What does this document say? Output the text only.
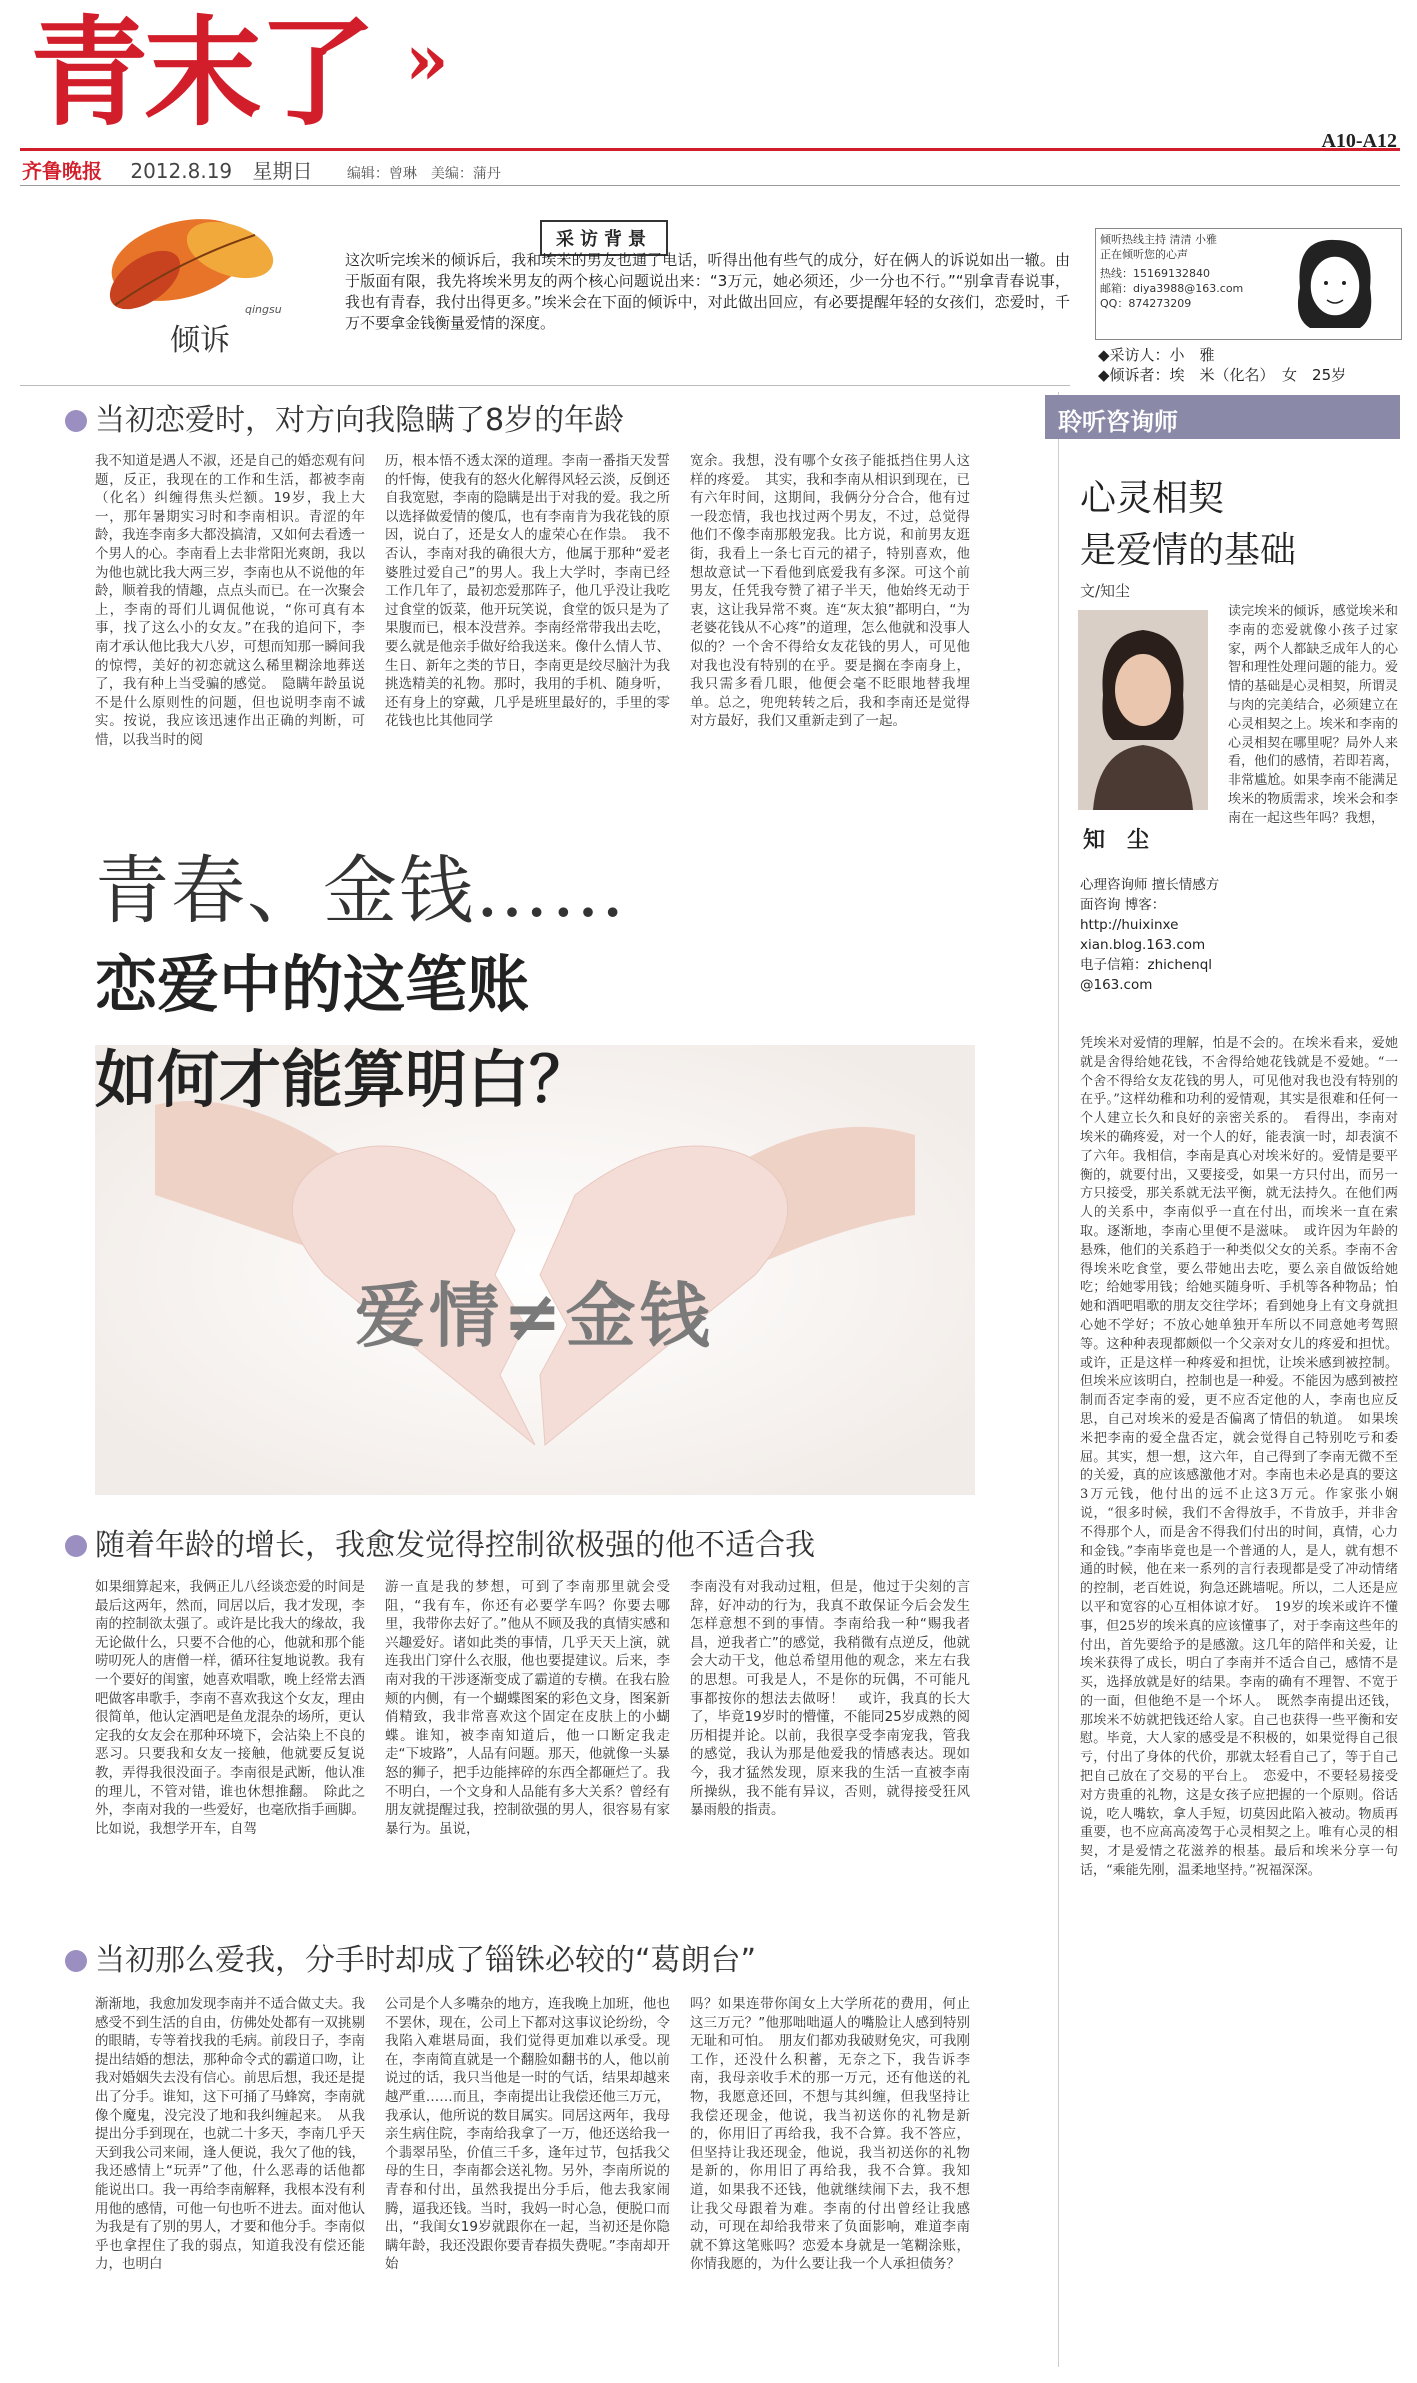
青末了 »
齐鲁晚报 2012.8.19 星期日 编辑：曾琳　美编：蒲丹
A10-A12
倾诉
qingsu
采访背景
这次听完埃米的倾诉后，我和埃米的男友也通了电话，听得出他有些气的成分，好在俩人的诉说如出一辙。由于版面有限，我先将埃米男友的两个核心问题说出来：“3万元，她必须还，少一分也不行。”“别拿青春说事，我也有青春，我付出得更多。”埃米会在下面的倾诉中，对此做出回应，有必要提醒年轻的女孩们，恋爱时，千万不要拿金钱衡量爱情的深度。
倾听热线主持 清清 小雅
正在倾听您的心声
热线：15169132840
邮箱：diya3988@163.com
QQ：874273209
◆采访人：小　雅
◆倾诉者：埃　米（化名）　女　25岁
当初恋爱时，对方向我隐瞒了8岁的年龄
我不知道是遇人不淑，还是自己的婚恋观有问题，反正，我现在的工作和生活，都被李南（化名）纠缠得焦头烂额。19岁，我上大一，那年暑期实习时和李南相识。青涩的年龄，我连李南多大都没搞清，又如何去看透一个男人的心。李南看上去非常阳光爽朗，我以为他也就比我大两三岁，李南也从不说他的年龄，顺着我的情趣，点点头而已。在一次聚会上，李南的哥们儿调侃他说，“你可真有本事，找了这么小的女友。”在我的追问下，李南才承认他比我大八岁，可想而知那一瞬间我的惊愕，美好的初恋就这么稀里糊涂地葬送了，我有种上当受骗的感觉。　隐瞒年龄虽说不是什么原则性的问题，但也说明李南不诚实。按说，我应该迅速作出正确的判断，可惜，以我当时的阅
历，根本悟不透太深的道理。李南一番指天发誓的忏悔，使我有的怒火化解得风轻云淡，反倒还自我宽慰，李南的隐瞒是出于对我的爱。我之所以选择做爱情的傻瓜，也有李南肯为我花钱的原因，说白了，还是女人的虚荣心在作祟。　我不否认，李南对我的确很大方，他属于那种“爱老婆胜过爱自己”的男人。我上大学时，李南已经工作几年了，最初恋爱那阵子，他几乎没让我吃过食堂的饭菜，他开玩笑说，食堂的饭只是为了果腹而已，根本没营养。李南经常带我出去吃，要么就是他亲手做好给我送来。像什么情人节、生日、新年之类的节日，李南更是绞尽脑汁为我挑选精美的礼物。那时，我用的手机、随身听，还有身上的穿戴，几乎是班里最好的，手里的零花钱也比其他同学
宽余。我想，没有哪个女孩子能抵挡住男人这样的疼爱。　其实，我和李南从相识到现在，已有六年时间，这期间，我俩分分合合，他有过一段恋情，我也找过两个男友，不过，总觉得他们不像李南那般宠我。比方说，和前男友逛街，我看上一条七百元的裙子，特别喜欢，他想故意试一下看他到底爱我有多深。可这个前男友，任凭我夸赞了裙子半天，他始终无动于衷，这让我异常不爽。连“灰太狼”都明白，“为老婆花钱从不心疼”的道理，怎么他就和没事人似的？一个舍不得给女友花钱的男人，可见他对我也没有特别的在乎。要是搁在李南身上，我只需多看几眼，他便会毫不眨眼地替我埋单。总之，兜兜转转之后，我和李南还是觉得对方最好，我们又重新走到了一起。
青春、金钱……
恋爱中的这笔账
如何才能算明白？
爱情≠金钱
随着年龄的增长，我愈发觉得控制欲极强的他不适合我
如果细算起来，我俩正儿八经谈恋爱的时间是最后这两年，然而，同居以后，我才发现，李南的控制欲太强了。或许是比我大的缘故，我无论做什么，只要不合他的心，他就和那个能唠叨死人的唐僧一样，循环往复地说教。我有一个要好的闺蜜，她喜欢唱歌，晚上经常去酒吧做客串歌手，李南不喜欢我这个女友，理由很简单，他认定酒吧是鱼龙混杂的场所，更认定我的女友会在那种环境下，会沾染上不良的恶习。只要我和女友一接触，他就要反复说教，弄得我很没面子。李南很是武断，他认准的理儿，不管对错，谁也休想推翻。　除此之外，李南对我的一些爱好，也毫欣指手画脚。比如说，我想学开车，自驾
游一直是我的梦想，可到了李南那里就会受阻，“我有车，你还有必要学车吗？你要去哪里，我带你去好了。”他从不顾及我的真情实感和兴趣爱好。诸如此类的事情，几乎天天上演，就连我出门穿什么衣服，他也要提建议。后来，李南对我的干涉逐渐变成了霸道的专横。在我右脸颊的内侧，有一个蝴蝶图案的彩色文身，图案新俏精致，我非常喜欢这个固定在皮肤上的小蝴蝶。谁知，被李南知道后，他一口断定我走走“下坡路”，人品有问题。那天，他就像一头暴怒的狮子，把手边能摔碎的东西全都砸烂了。我不明白，一个文身和人品能有多大关系？曾经有朋友就提醒过我，控制欲强的男人，很容易有家暴行为。虽说，
李南没有对我动过粗，但是，他过于尖刻的言辞，好冲动的行为，我真不敢保证今后会发生怎样意想不到的事情。李南给我一种“赐我者昌，逆我者亡”的感觉，我稍微有点逆反，他就会大动干戈，他总希望用他的观念，来左右我的思想。可我是人，不是你的玩偶，不可能凡事都按你的想法去做呀！　或许，我真的长大了，毕竟19岁时的懵懂，不能同25岁成熟的阅历相提并论。以前，我很享受李南宠我，管我的感觉，我认为那是他爱我的情感表达。现如今，我才猛然发现，原来我的生活一直被李南所操纵，我不能有异议，否则，就得接受狂风暴雨般的指责。
当初那么爱我，分手时却成了锱铢必较的“葛朗台”
渐渐地，我愈加发现李南并不适合做丈夫。我感受不到生活的自由，仿佛处处都有一双挑剔的眼睛，专等着找我的毛病。前段日子，李南提出结婚的想法，那种命令式的霸道口吻，让我对婚姻失去没有信心。前思后想，我还是提出了分手。谁知，这下可捅了马蜂窝，李南就像个魔鬼，没完没了地和我纠缠起来。　从我提出分手到现在，也就二十多天，李南几乎天天到我公司来闹，逢人便说，我欠了他的钱，我还感情上“玩弄”了他，什么恶毒的话他都能说出口。我一再给李南解释，我根本没有利用他的感情，可他一句也听不进去。面对他认为我是有了别的男人，才要和他分手。李南似乎也拿捏住了我的弱点，知道我没有偿还能力，也明白
公司是个人多嘴杂的地方，连我晚上加班，他也不罢休，现在，公司上下都对这事议论纷纷，令我陷入难堪局面，我们觉得更加难以承受。现在，李南简直就是一个翻脸如翻书的人，他以前说过的话，我只当他是一时的气话，结果却越来越严重……而且，李南提出让我偿还他三万元，我承认，他所说的数目属实。同居这两年，我母亲生病住院，李南给我拿了一万，他还送给我一个翡翠吊坠，价值三千多，逢年过节，包括我父母的生日，李南都会送礼物。另外，李南所说的青春和付出，虽然我提出分手后，他去我家闹腾，逼我还钱。当时，我妈一时心急，便脱口而出，“我闺女19岁就跟你在一起，当初还是你隐瞒年龄，我还没跟你要青春损失费呢。”李南却开始
吗？如果连带你闺女上大学所花的费用，何止这三万元？”他那咄咄逼人的嘴脸让人感到特别无耻和可怕。　朋友们都劝我破财免灾，可我刚工作，还没什么积蓄，无奈之下，我告诉李南，我母亲收手术的那一万元，还有他送的礼物，我愿意还回，不想与其纠缠，但我坚持让我偿还现金，他说，我当初送你的礼物是新的，你用旧了再给我，我不合算。我不答应，但坚持让我还现金，他说，我当初送你的礼物是新的，你用旧了再给我，我不合算。我知道，如果我不还钱，他就继续闹下去，我不想让我父母跟着为难。李南的付出曾经让我感动，可现在却给我带来了负面影响，难道李南就不算这笔账吗？恋爱本身就是一笔糊涂账，你情我愿的，为什么要让我一个人承担债务？
聆听咨询师
心灵相契
是爱情的基础
文/知尘
知　尘
心理咨询师 擅长情感方面咨询 博客：http://huixinxe xian.blog.163.com 电子信箱：zhichenql @163.com
读完埃米的倾诉，感觉埃米和李南的恋爱就像小孩子过家家，两个人都缺乏成年人的心智和理性处理问题的能力。爱情的基础是心灵相契，所谓灵与肉的完美结合，必须建立在心灵相契之上。埃米和李南的心灵相契在哪里呢？局外人来看，他们的感情，若即若离，非常尴尬。如果李南不能满足埃米的物质需求，埃米会和李南在一起这些年吗？我想，
凭埃米对爱情的理解，怕是不会的。在埃米看来，爱她就是舍得给她花钱，不舍得给她花钱就是不爱她。“一个舍不得给女友花钱的男人，可见他对我也没有特别的在乎。”这样幼稚和功利的爱情观，其实是很难和任何一个人建立长久和良好的亲密关系的。　看得出，李南对埃米的确疼爱，对一个人的好，能表演一时，却表演不了六年。我相信，李南是真心对埃米好的。爱情是要平衡的，就要付出，又要接受，如果一方只付出，而另一方只接受，那关系就无法平衡，就无法持久。在他们两人的关系中，李南似乎一直在付出，而埃米一直在索取。逐渐地，李南心里便不是滋味。　或许因为年龄的悬殊，他们的关系趋于一种类似父女的关系。李南不舍得埃米吃食堂，要么带她出去吃，要么亲自做饭给她吃；给她零用钱；给她买随身听、手机等各种物品；怕她和酒吧唱歌的朋友交往学坏；看到她身上有文身就担心她不学好；不放心她单独开车所以不同意她考驾照等。这种种表现都颇似一个父亲对女儿的疼爱和担忧。或许，正是这样一种疼爱和担忧，让埃米感到被控制。但埃米应该明白，控制也是一种爱。不能因为感到被控制而否定李南的爱，更不应否定他的人，李南也应反思，自己对埃米的爱是否偏离了情侣的轨道。　如果埃米把李南的爱全盘否定，就会觉得自己特别吃亏和委屈。其实，想一想，这六年，自己得到了李南无微不至的关爱，真的应该感激他才对。李南也未必是真的要这3万元钱，他付出的远不止这3万元。作家张小娴说，“很多时候，我们不舍得放手，不肯放手，并非舍不得那个人，而是舍不得我们付出的时间，真情，心力和金钱。”李南毕竟也是一个普通的人，是人，就有想不通的时候，他在来一系列的言行表现都是受了冲动情绪的控制，老百姓说，狗急还跳墙呢。所以，二人还是应以平和宽容的心互相体谅才好。　19岁的埃米或许不懂事，但25岁的埃米真的应该懂事了，对于李南这些年的付出，首先要给予的是感激。这几年的陪伴和关爱，让埃米获得了成长，明白了李南并不适合自己，感情不是买，选择放就是好的结果。李南的确有不理智、不宽于的一面，但他绝不是一个坏人。　既然李南提出还钱，那埃米不妨就把钱还给人家。自己也获得一些平衡和安慰。毕竟，大人家的感受是不积极的，如果觉得自己很亏，付出了身体的代价，那就太轻看自己了，等于自己把自己放在了交易的平台上。　恋爱中，不要轻易接受对方贵重的礼物，这是女孩子应把握的一个原则。俗话说，吃人嘴软，拿人手短，切莫因此陷入被动。物质再重要，也不应高高凌驾于心灵相契之上。唯有心灵的相契，才是爱情之花滋养的根基。最后和埃米分享一句话，“乘能先刚，温柔地坚持。”祝福深深。
